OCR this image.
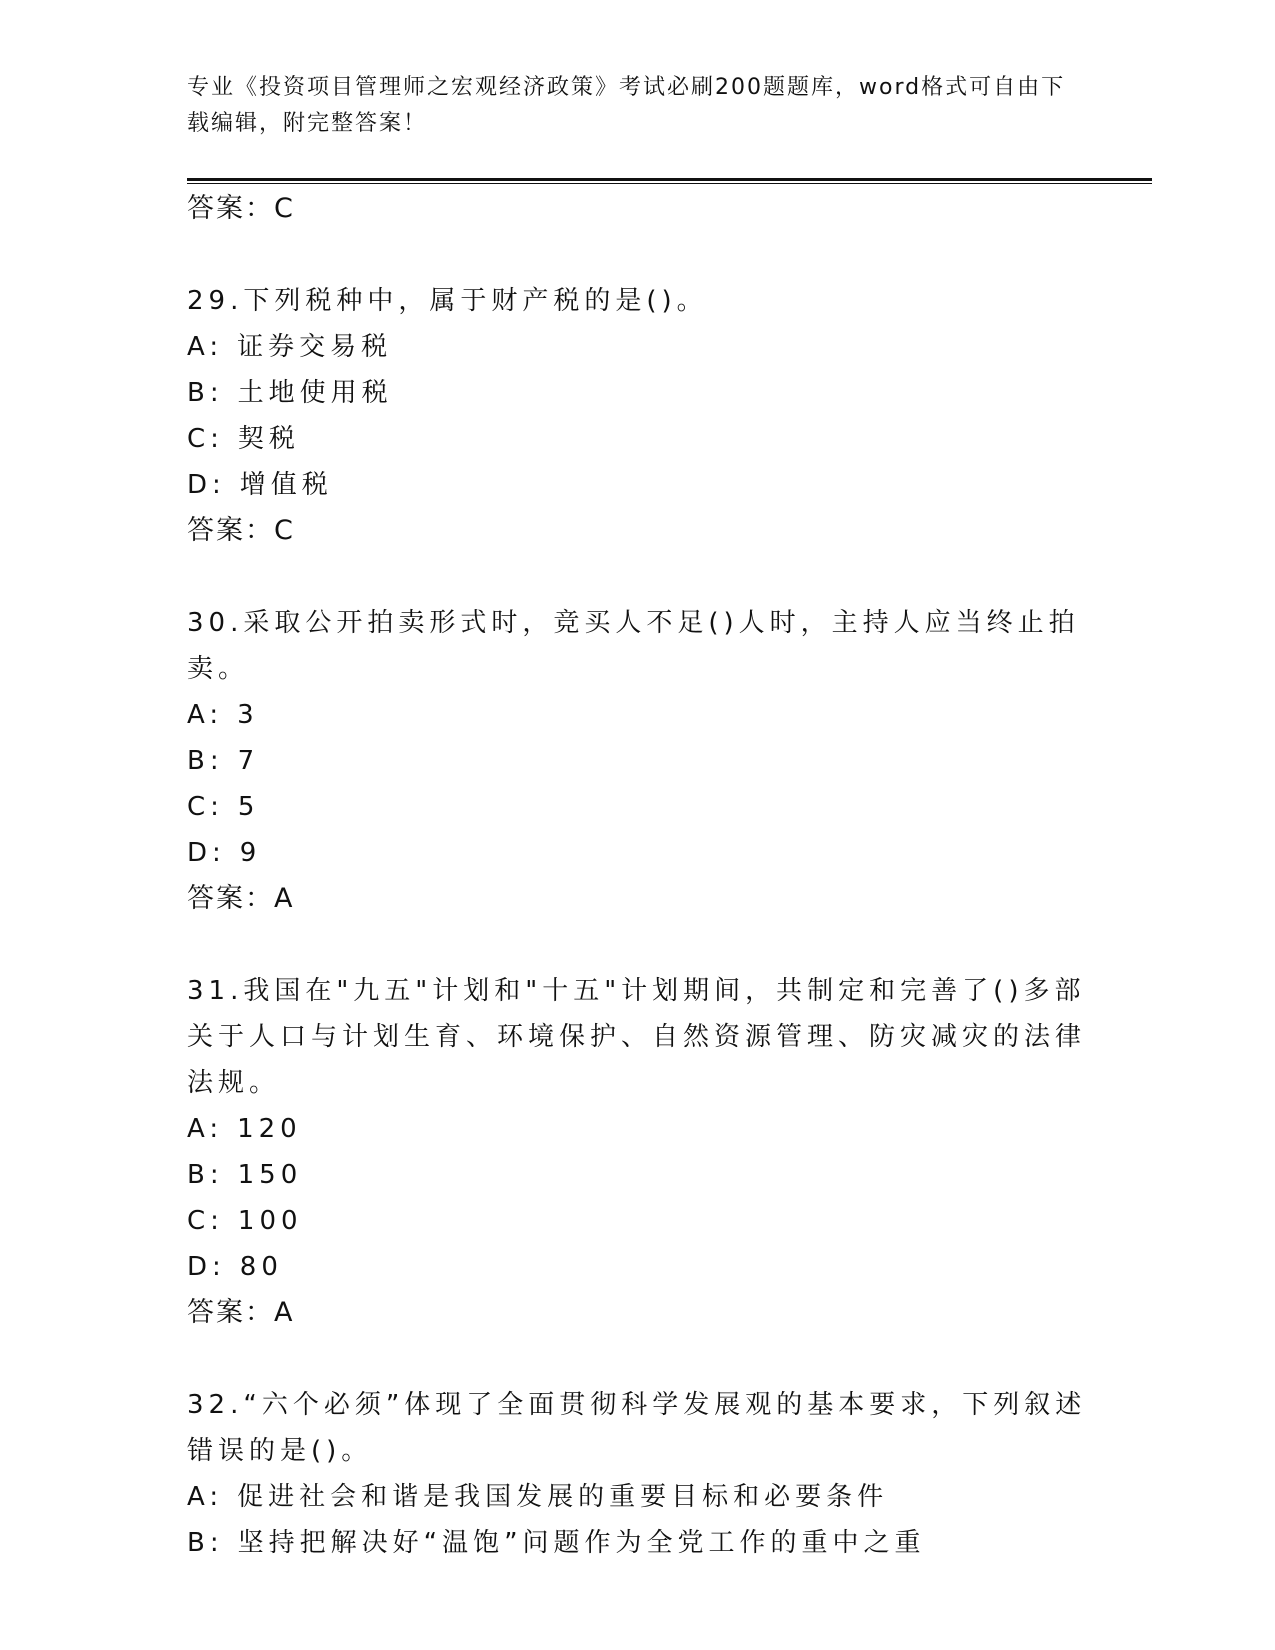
专业《投资项目管理师之宏观经济政策》考试必刷200题题库，word格式可自由下载编辑，附完整答案！
答案：C
29.下列税种中，属于财产税的是()。
A: 证券交易税
B: 土地使用税
C: 契税
D: 增值税
答案：C
30.采取公开拍卖形式时，竞买人不足()人时，主持人应当终止拍卖。
A: 3
B: 7
C: 5
D: 9
答案：A
31.我国在"九五"计划和"十五"计划期间，共制定和完善了()多部关于人口与计划生育、环境保护、自然资源管理、防灾减灾的法律法规。
A: 120
B: 150
C: 100
D: 80
答案：A
32.“六个必须”体现了全面贯彻科学发展观的基本要求，下列叙述错误的是()。
A: 促进社会和谐是我国发展的重要目标和必要条件
B: 坚持把解决好“温饱”问题作为全党工作的重中之重
